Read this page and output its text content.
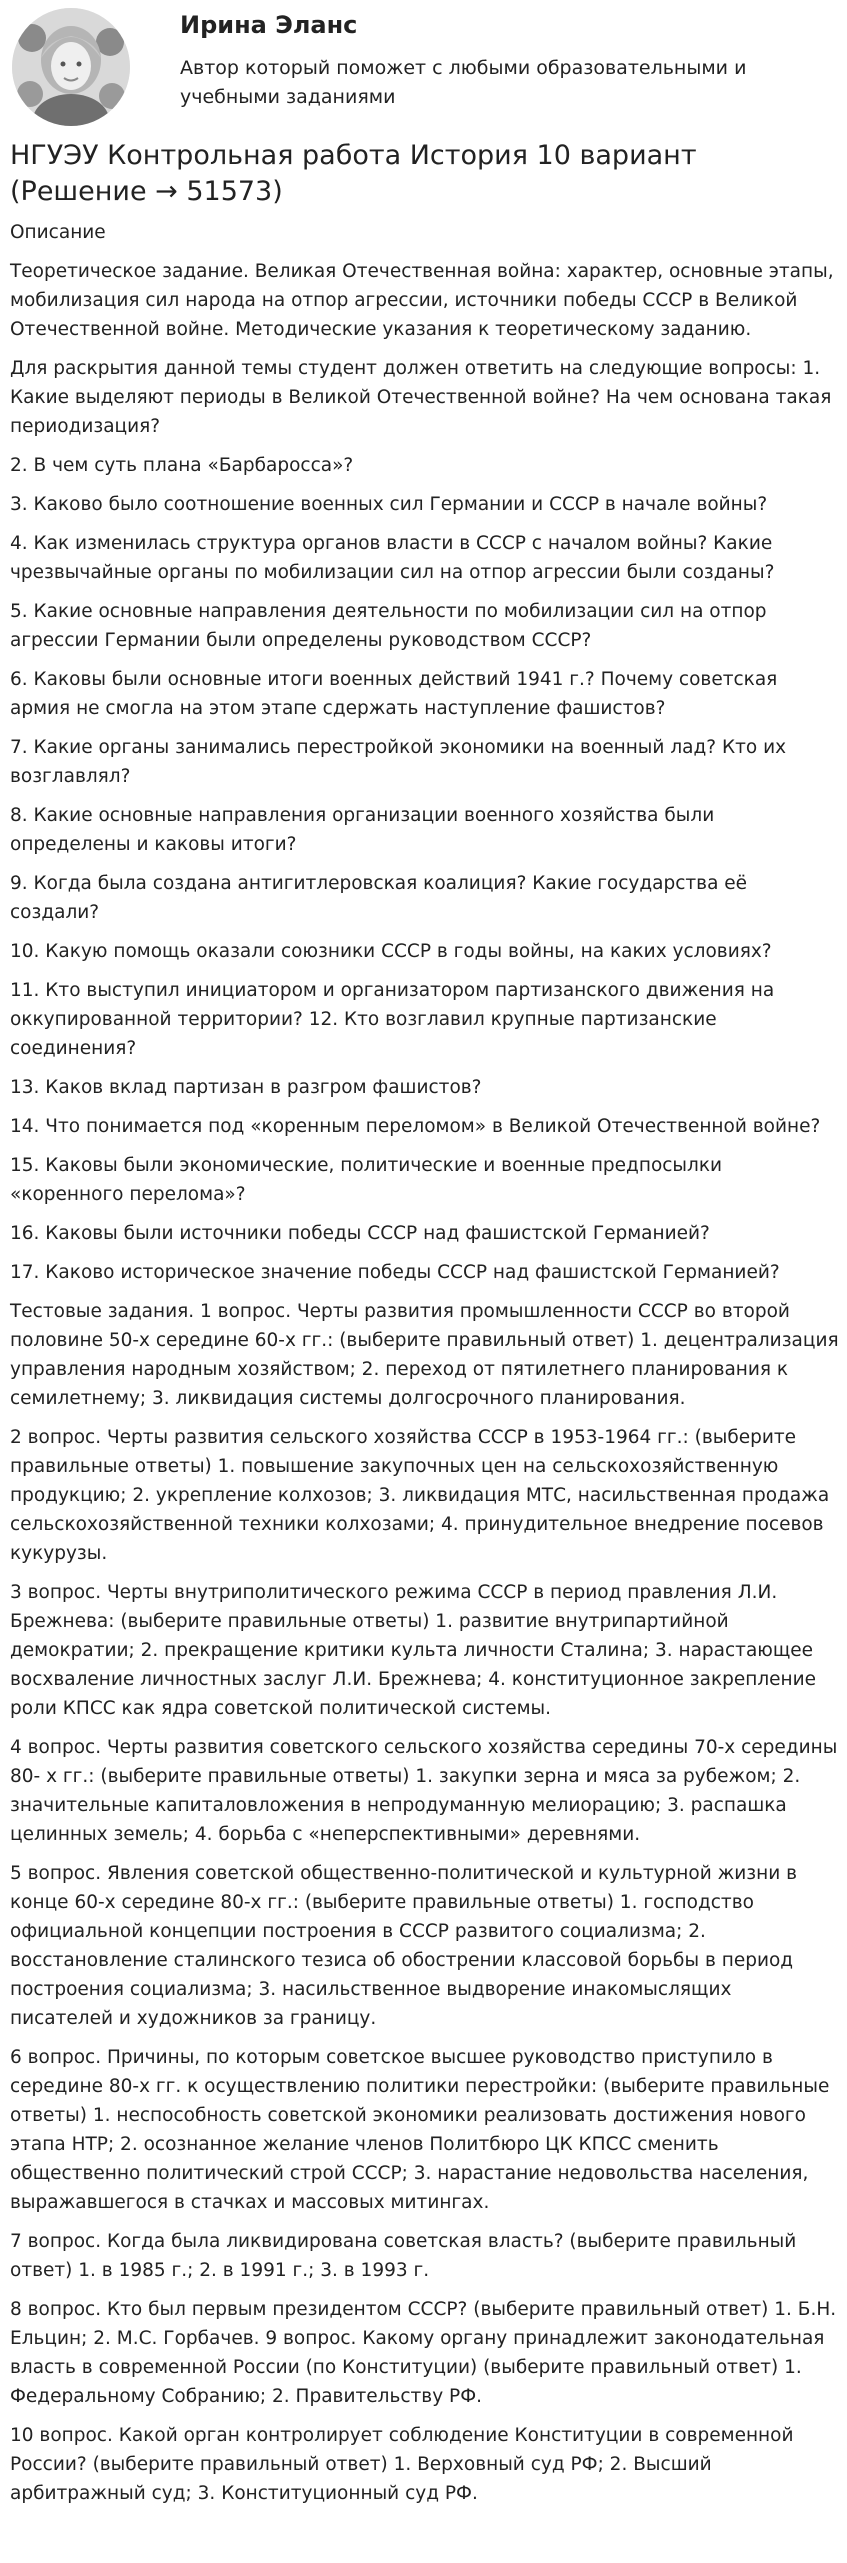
Ирина Эланс
Автор который поможет с любыми образовательными и учебными заданиями
НГУЭУ Контрольная работа История 10 вариант (Решение → 51573)

Описание

Теоретическое задание. Великая Отечественная война: характер, основные этапы, мобилизация сил народа на отпор агрессии, источники победы СССР в Великой Отечественной войне. Методические указания к теоретическому заданию.

Для раскрытия данной темы студент должен ответить на следующие вопросы: 1. Какие выделяют периоды в Великой Отечественной войне? На чем основана такая периодизация?

2. В чем суть плана «Барбаросса»?

3. Каково было соотношение военных сил Германии и СССР в начале войны?

4. Как изменилась структура органов власти в СССР с началом войны? Какие чрезвычайные органы по мобилизации сил на отпор агрессии были созданы?

5. Какие основные направления деятельности по мобилизации сил на отпор агрессии Германии были определены руководством СССР?

6. Каковы были основные итоги военных действий 1941 г.? Почему советская армия не смогла на этом этапе сдержать наступление фашистов?

7. Какие органы занимались перестройкой экономики на военный лад? Кто их возглавлял?

8. Какие основные направления организации военного хозяйства были определены и каковы итоги?

9. Когда была создана антигитлеровская коалиция? Какие государства её создали?

10. Какую помощь оказали союзники СССР в годы войны, на каких условиях?

11. Кто выступил инициатором и организатором партизанского движения на оккупированной территории? 12. Кто возглавил крупные партизанские соединения?

13. Каков вклад партизан в разгром фашистов?

14. Что понимается под «коренным переломом» в Великой Отечественной войне?

15. Каковы были экономические, политические и военные предпосылки «коренного перелома»?

16. Каковы были источники победы СССР над фашистской Германией?

17. Каково историческое значение победы СССР над фашистской Германией?

Тестовые задания. 1 вопрос. Черты развития промышленности СССР во второй половине 50-х середине 60-х гг.: (выберите правильный ответ) 1. децентрализация управления народным хозяйством; 2. переход от пятилетнего планирования к семилетнему; 3. ликвидация системы долгосрочного планирования.

2 вопрос. Черты развития сельского хозяйства СССР в 1953-1964 гг.: (выберите правильные ответы) 1. повышение закупочных цен на сельскохозяйственную продукцию; 2. укрепление колхозов; 3. ликвидация МТС, насильственная продажа сельскохозяйственной техники колхозами; 4. принудительное внедрение посевов кукурузы.

3 вопрос. Черты внутриполитического режима СССР в период правления Л.И. Брежнева: (выберите правильные ответы) 1. развитие внутрипартийной демократии; 2. прекращение критики культа личности Сталина; 3. нарастающее восхваление личностных заслуг Л.И. Брежнева; 4. конституционное закрепление роли КПСС как ядра советской политической системы.

4 вопрос. Черты развития советского сельского хозяйства середины 70-х середины 80- х гг.: (выберите правильные ответы) 1. закупки зерна и мяса за рубежом; 2. значительные капиталовложения в непродуманную мелиорацию; 3. распашка целинных земель; 4. борьба с «неперспективными» деревнями.

5 вопрос. Явления советской общественно-политической и культурной жизни в конце 60-х середине 80-х гг.: (выберите правильные ответы) 1. господство официальной концепции построения в СССР развитого социализма; 2. восстановление сталинского тезиса об обострении классовой борьбы в период построения социализма; 3. насильственное выдворение инакомыслящих писателей и художников за границу.

6 вопрос. Причины, по которым советское высшее руководство приступило в середине 80-х гг. к осуществлению политики перестройки: (выберите правильные ответы) 1. неспособность советской экономики реализовать достижения нового этапа НТР; 2. осознанное желание членов Политбюро ЦК КПСС сменить общественно политический строй СССР; 3. нарастание недовольства населения, выражавшегося в стачках и массовых митингах.

7 вопрос. Когда была ликвидирована советская власть? (выберите правильный ответ) 1. в 1985 г.; 2. в 1991 г.; 3. в 1993 г.

8 вопрос. Кто был первым президентом СССР? (выберите правильный ответ) 1. Б.Н. Ельцин; 2. М.С. Горбачев. 9 вопрос. Какому органу принадлежит законодательная власть в современной России (по Конституции) (выберите правильный ответ) 1. Федеральному Собранию; 2. Правительству РФ.

10 вопрос. Какой орган контролирует соблюдение Конституции в современной России? (выберите правильный ответ) 1. Верховный суд РФ; 2. Высший арбитражный суд; 3. Конституционный суд РФ.
